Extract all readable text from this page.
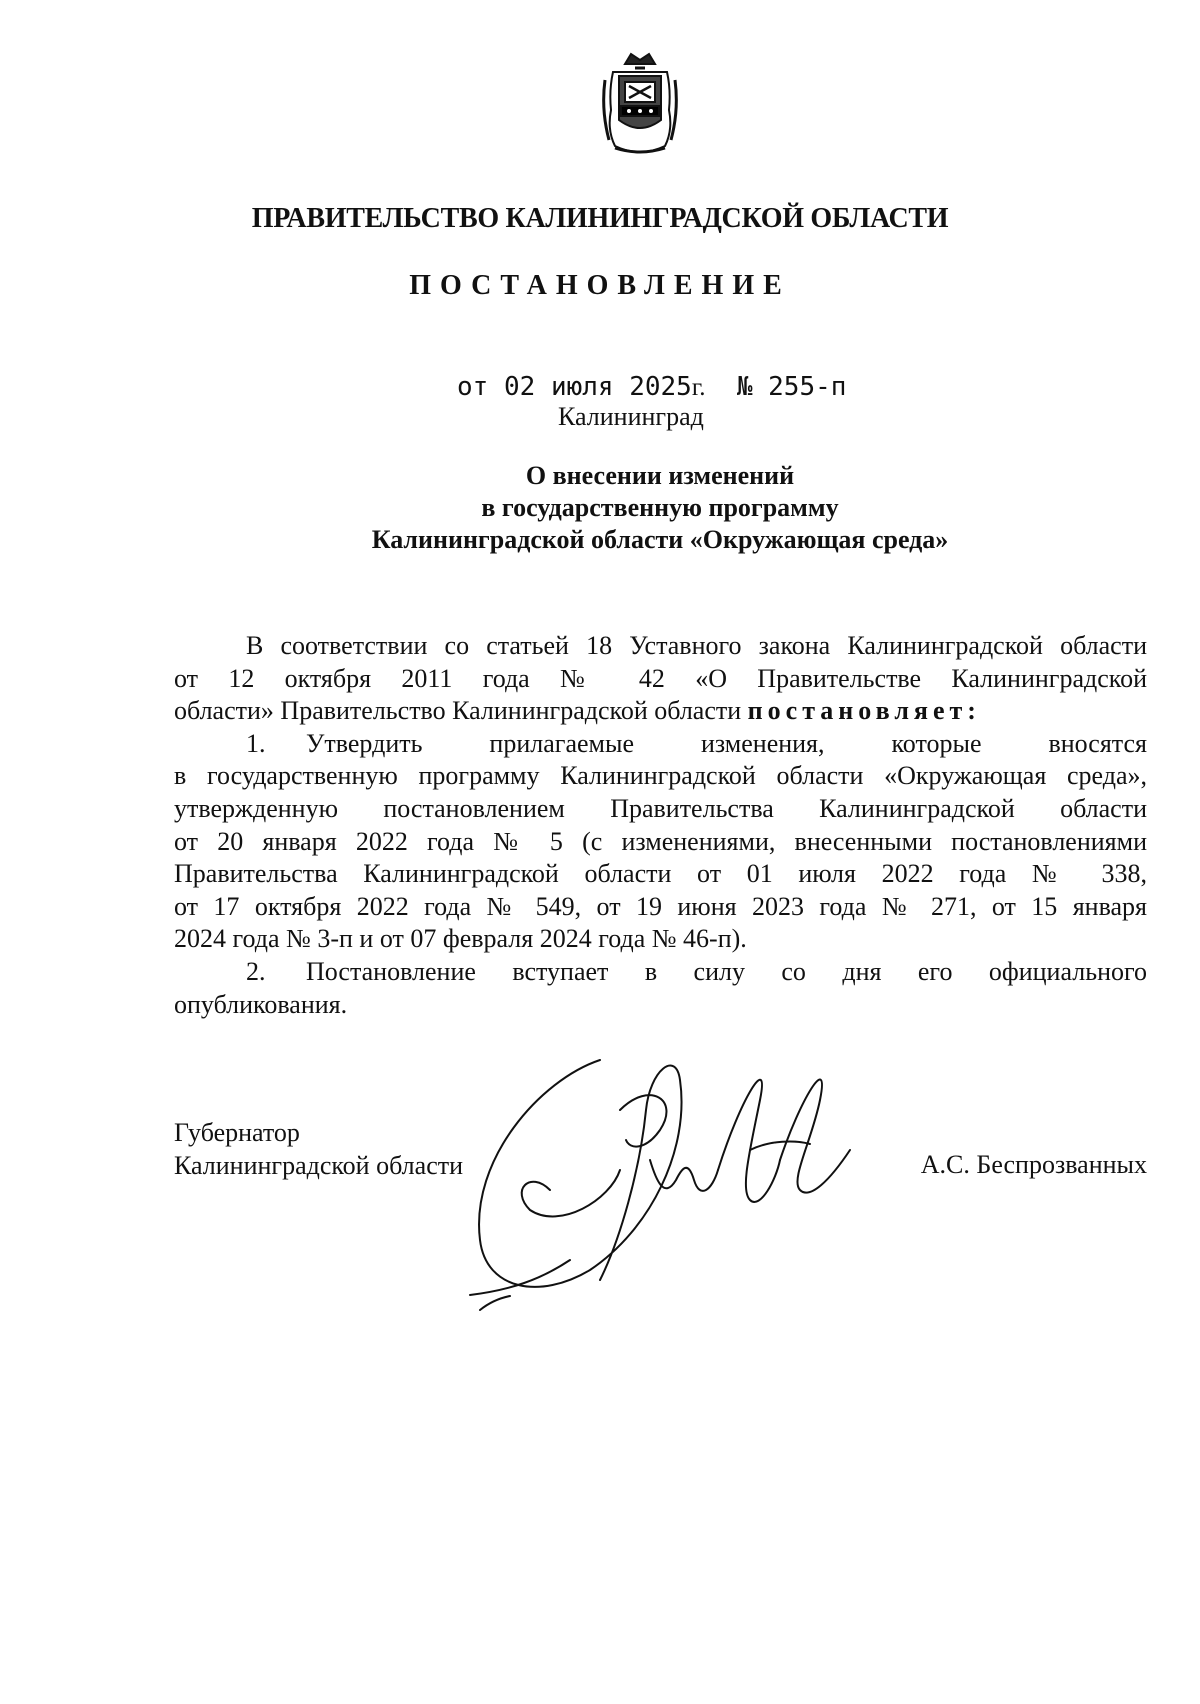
ПРАВИТЕЛЬСТВО КАЛИНИНГРАДСКОЙ ОБЛАСТИ
ПОСТАНОВЛЕНИЕ
от 02 июля 2025г. № 255-п
Калининград
О внесении изменений
в государственную программу
Калининградской области «Окружающая среда»

В соответствии со статьей 18 Уставного закона Калининградской области

от 12 октября 2011 года № 42 «О Правительстве Калининградской

области» Правительство Калининградской области постановляет:

1. Утвердить прилагаемые изменения, которые вносятся

в государственную программу Калининградской области «Окружающая среда»,

утвержденную постановлением Правительства Калининградской области

от 20 января 2022 года № 5 (с изменениями, внесенными постановлениями

Правительства Калининградской области от 01 июля 2022 года № 338,

от 17 октября 2022 года № 549, от 19 июня 2023 года № 271, от 15 января

2024 года № 3-п и от 07 февраля 2024 года № 46-п).

2. Постановление вступает в силу со дня его официального

опубликования.

Губернатор
Калининградской области	А.С. Беспрозванных
